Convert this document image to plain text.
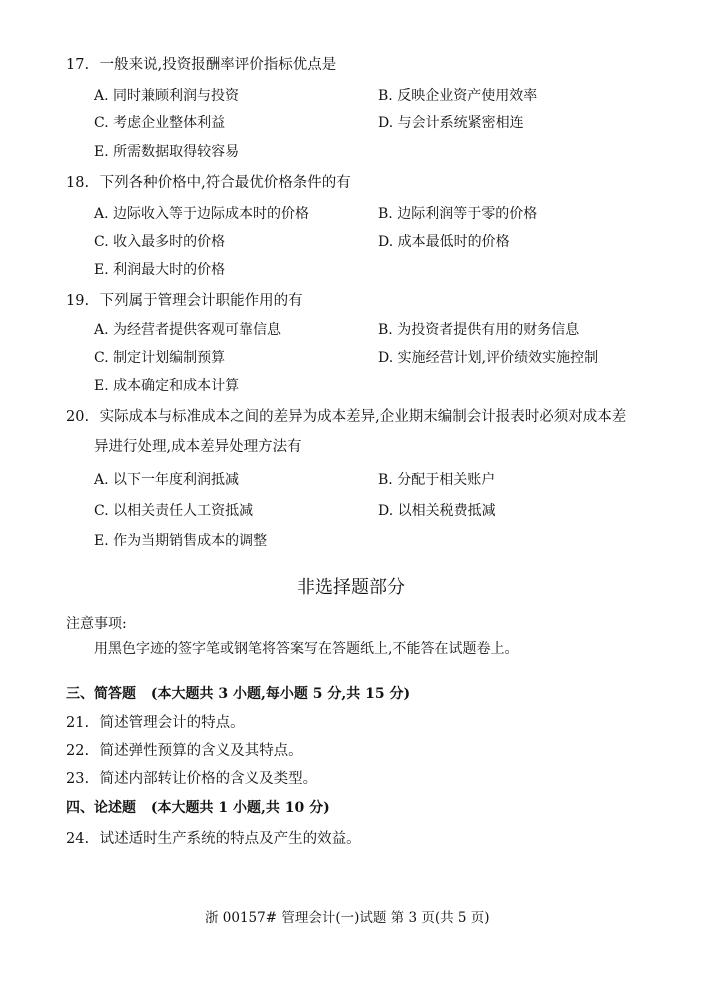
17. 一般来说,投资报酬率评价指标优点是
A. 同时兼顾利润与投资	B. 反映企业资产使用效率
C. 考虑企业整体利益	D. 与会计系统紧密相连
E. 所需数据取得较容易
18. 下列各种价格中,符合最优价格条件的有
A. 边际收入等于边际成本时的价格	B. 边际利润等于零的价格
C. 收入最多时的价格	D. 成本最低时的价格
E. 利润最大时的价格
19. 下列属于管理会计职能作用的有
A. 为经营者提供客观可靠信息	B. 为投资者提供有用的财务信息
C. 制定计划编制预算	D. 实施经营计划,评价绩效实施控制
E. 成本确定和成本计算
20. 实际成本与标准成本之间的差异为成本差异,企业期末编制会计报表时必须对成本差
异进行处理,成本差异处理方法有
A. 以下一年度利润抵减	B. 分配于相关账户
C. 以相关责任人工资抵减	D. 以相关税费抵减
E. 作为当期销售成本的调整
非选择题部分
注意事项:
用黑色字迹的签字笔或钢笔将答案写在答题纸上,不能答在试题卷上。
三、简答题 (本大题共 3 小题,每小题 5 分,共 15 分)
21. 简述管理会计的特点。
22. 简述弹性预算的含义及其特点。
23. 简述内部转让价格的含义及类型。
四、论述题 (本大题共 1 小题,共 10 分)
24. 试述适时生产系统的特点及产生的效益。
浙 00157# 管理会计(一)试题 第 3 页(共 5 页)
